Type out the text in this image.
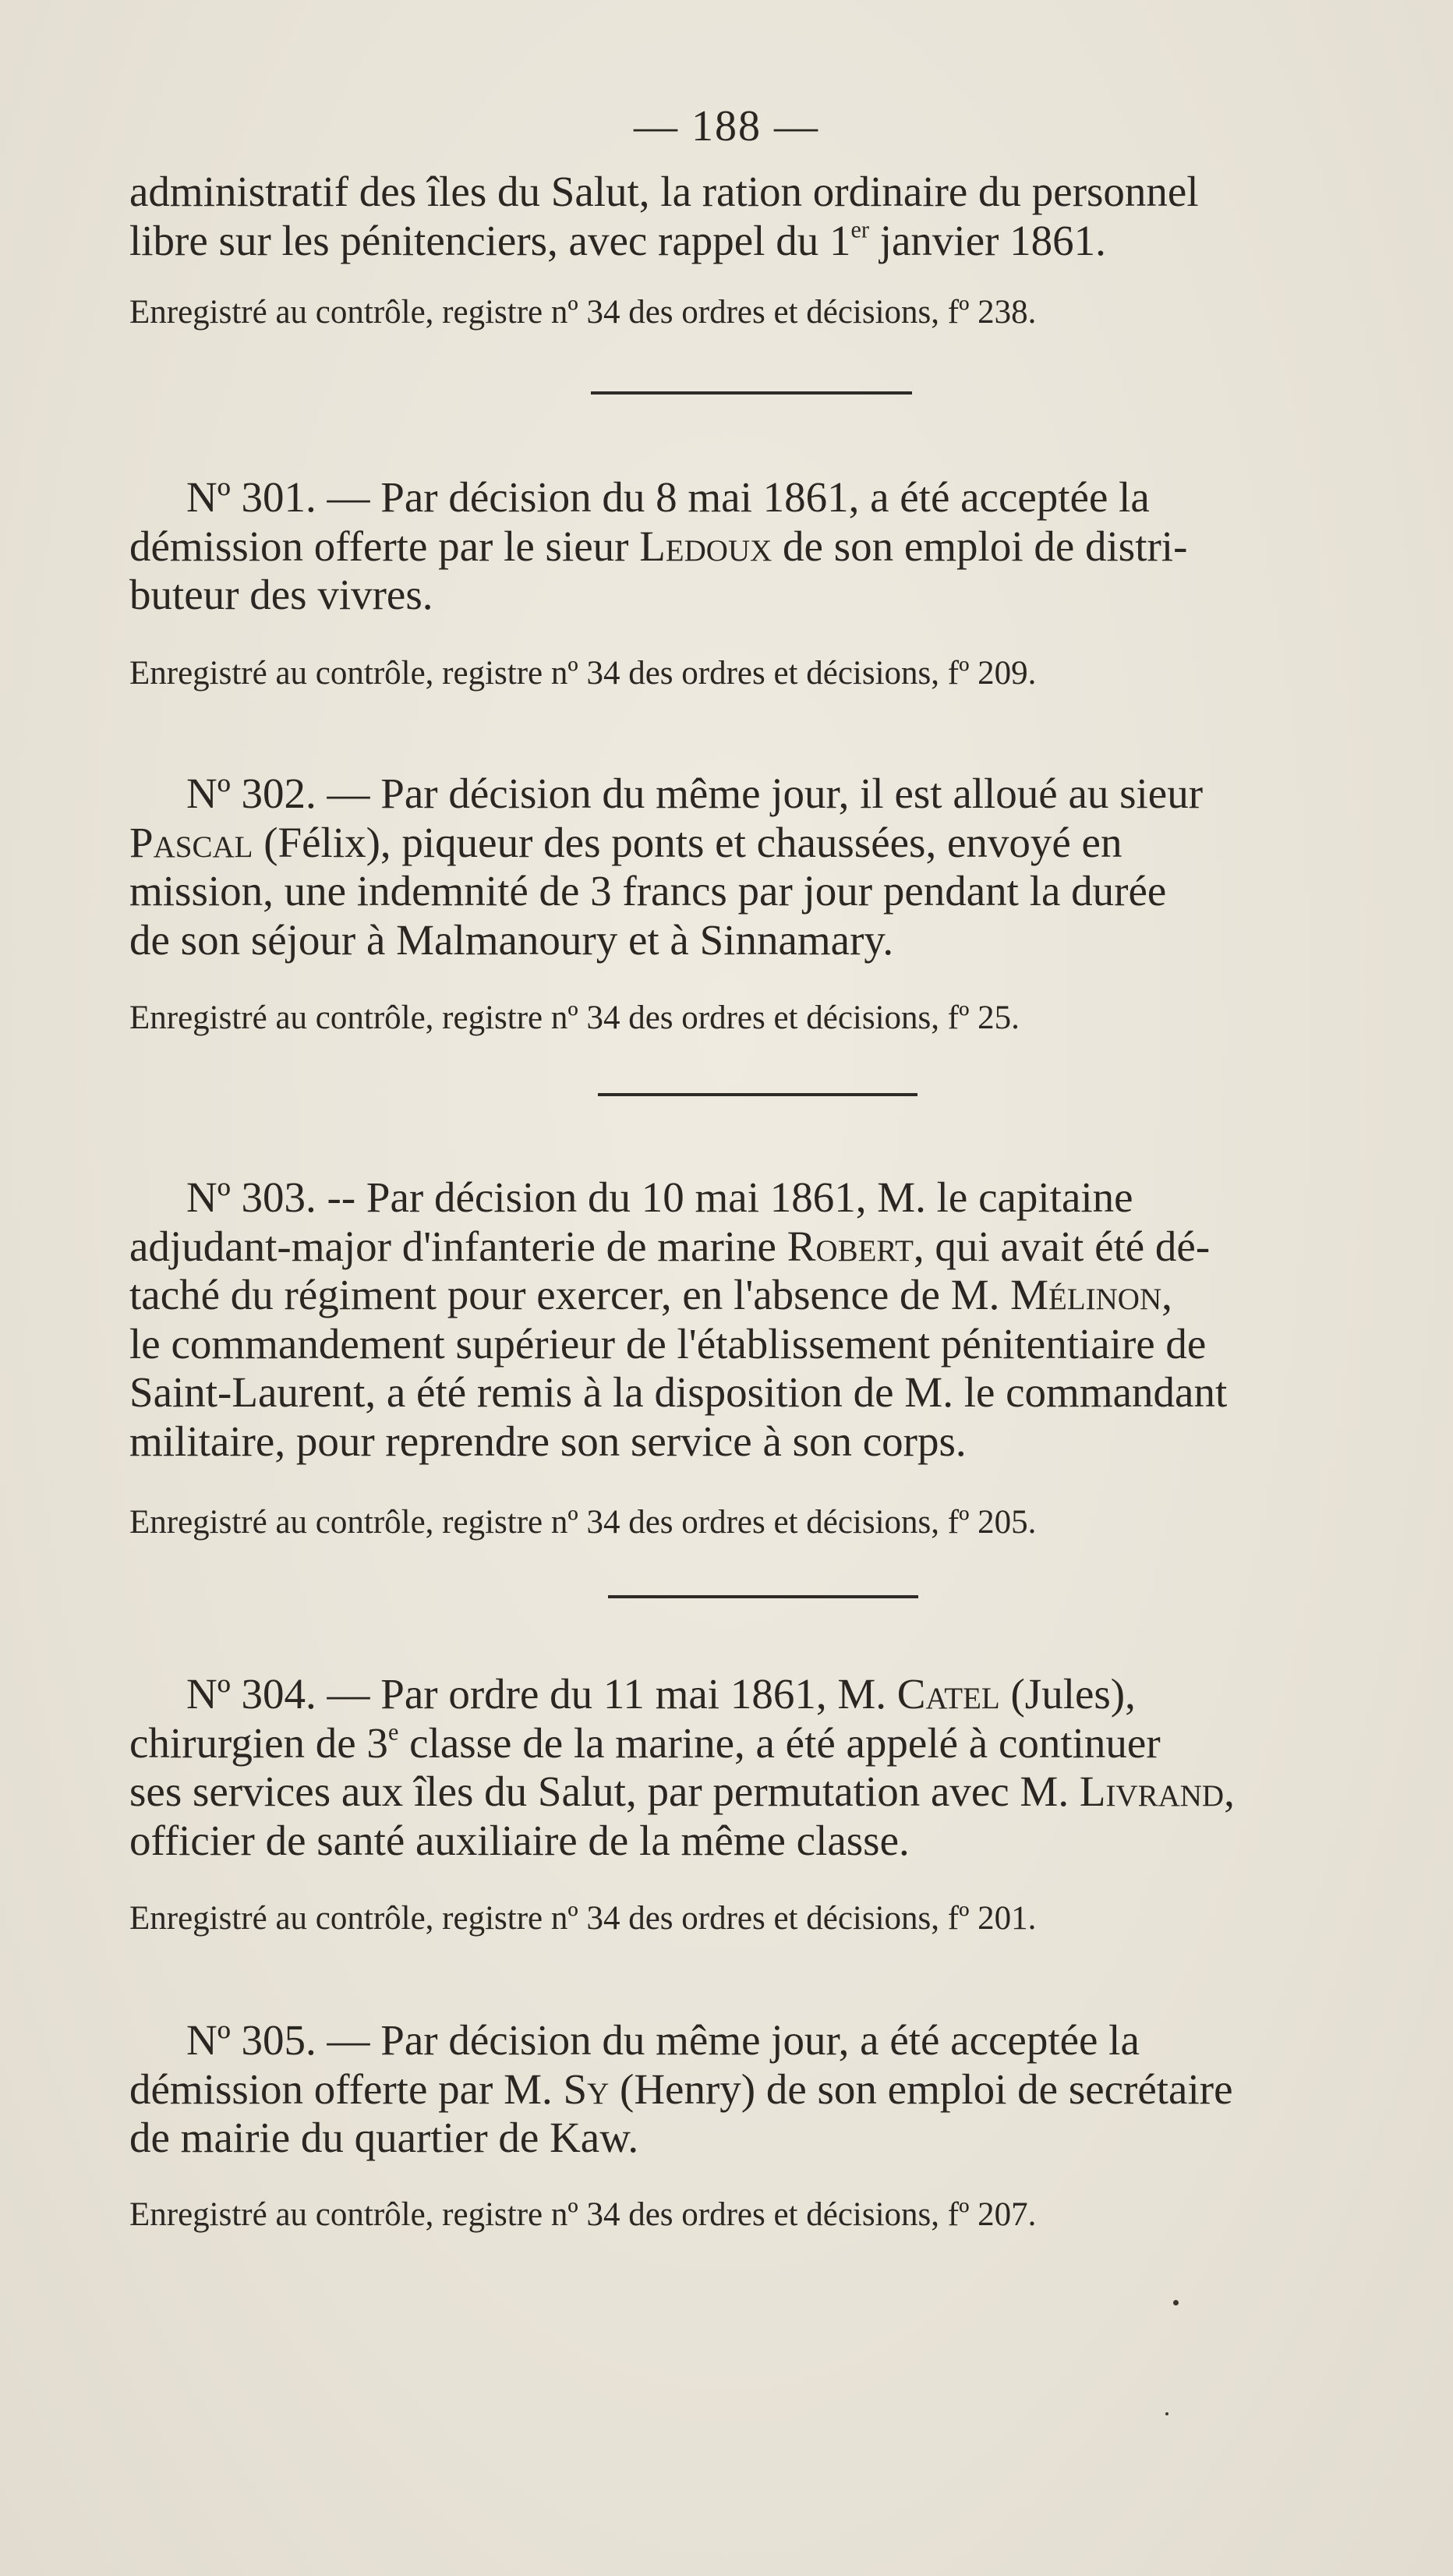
— 188 —

administratif des îles du Salut, la ration ordinaire du personnel

libre sur les pénitenciers, avec rappel du 1er janvier 1861.

Enregistré au contrôle, registre nº 34 des ordres et décisions, fº 238.

Nº 301. — Par décision du 8 mai 1861, a été acceptée la

démission offerte par le sieur Ledoux de son emploi de distri-

buteur des vivres.

Enregistré au contrôle, registre nº 34 des ordres et décisions, fº 209.

Nº 302. — Par décision du même jour, il est alloué au sieur

Pascal (Félix), piqueur des ponts et chaussées, envoyé en

mission, une indemnité de 3 francs par jour pendant la durée

de son séjour à Malmanoury et à Sinnamary.

Enregistré au contrôle, registre nº 34 des ordres et décisions, fº 25.

Nº 303. -- Par décision du 10 mai 1861, M. le capitaine

adjudant-major d'infanterie de marine Robert, qui avait été dé-

taché du régiment pour exercer, en l'absence de M. Mélinon,

le commandement supérieur de l'établissement pénitentiaire de

Saint-Laurent, a été remis à la disposition de M. le commandant

militaire, pour reprendre son service à son corps.

Enregistré au contrôle, registre nº 34 des ordres et décisions, fº 205.

Nº 304. — Par ordre du 11 mai 1861, M. Catel (Jules),

chirurgien de 3e classe de la marine, a été appelé à continuer

ses services aux îles du Salut, par permutation avec M. Livrand,

officier de santé auxiliaire de la même classe.

Enregistré au contrôle, registre nº 34 des ordres et décisions, fº 201.

Nº 305. — Par décision du même jour, a été acceptée la

démission offerte par M. Sy (Henry) de son emploi de secrétaire

de mairie du quartier de Kaw.

Enregistré au contrôle, registre nº 34 des ordres et décisions, fº 207.
